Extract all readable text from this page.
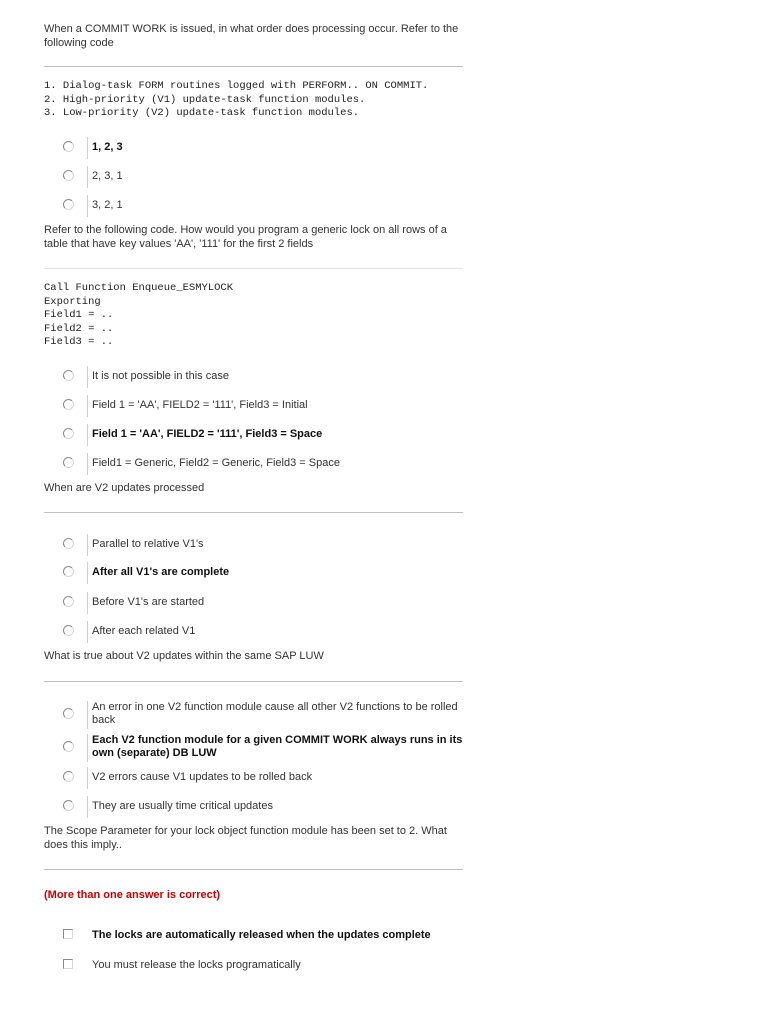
When a COMMIT WORK is issued, in what order does processing occur. Refer to the following code
1. Dialog-task FORM routines logged with PERFORM.. ON COMMIT.
2. High-priority (V1) update-task function modules.
3. Low-priority (V2) update-task function modules.
1, 2, 3
2, 3, 1
3, 2, 1
Refer to the following code. How would you program a generic lock on all rows of a table that have key values 'AA', '111' for the first 2 fields
Call Function Enqueue_ESMYLOCK
Exporting
Field1 = ..
Field2 = ..
Field3 = ..
It is not possible in this case
Field 1 = 'AA', FIELD2 = '111', Field3 = Initial
Field 1 = 'AA', FIELD2 = '111', Field3 = Space
Field1 = Generic, Field2 = Generic, Field3 = Space
When are V2 updates processed
Parallel to relative V1's
After all V1's are complete
Before V1's are started
After each related V1
What is true about V2 updates within the same SAP LUW
An error in one V2 function module cause all other V2 functions to be rolled back
Each V2 function module for a given COMMIT WORK always runs in its own (separate) DB LUW
V2 errors cause V1 updates to be rolled back
They are usually time critical updates
The Scope Parameter for your lock object function module has been set to 2. What does this imply..
(More than one answer is correct)
The locks are automatically released when the updates complete
You must release the locks programatically
